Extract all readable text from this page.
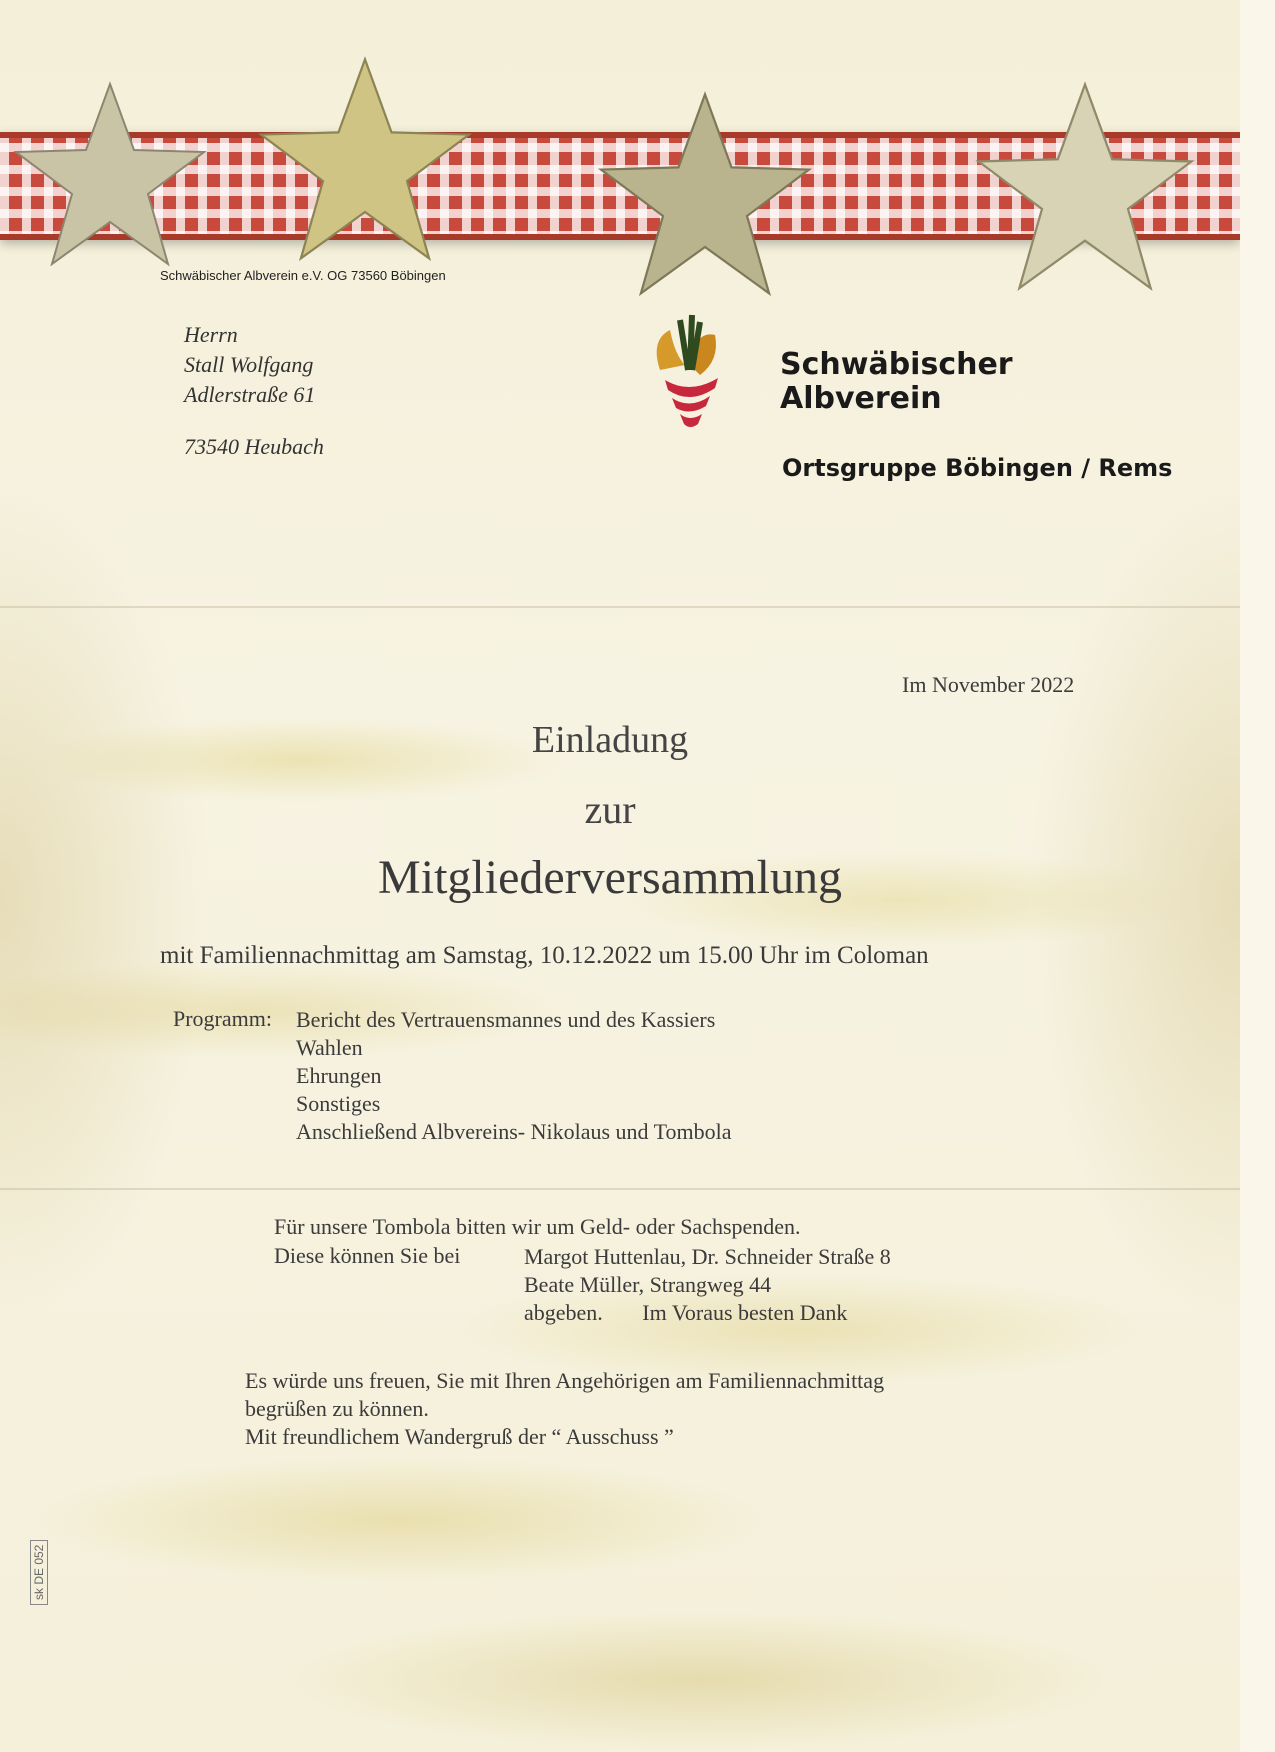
Schwäbischer Albverein e.V. OG 73560 Böbingen

Herrn
Stall Wolfgang
Adlerstraße 61
73540 Heubach
Schwäbischer
Albverein
Ortsgruppe Böbingen / Rems
Im November 2022
Einladung
zur
Mitgliederversammlung
mit Familiennachmittag am Samstag, 10.12.2022 um 15.00 Uhr im Coloman
Programm: Bericht des Vertrauensmannes und des Kassiers
Wahlen
Ehrungen
Sonstiges
Anschließend Albvereins- Nikolaus und Tombola
Für unsere Tombola bitten wir um Geld- oder Sachspenden.
Diese können Sie bei	Margot Huttenlau, Dr. Schneider Straße 8
Beate Müller, Strangweg 44
abgeben. Im Voraus besten Dank
Es würde uns freuen, Sie mit Ihren Angehörigen am Familiennachmittag
begrüßen zu können.
Mit freundlichem Wandergruß der “ Ausschuss ”
sk DE 052
